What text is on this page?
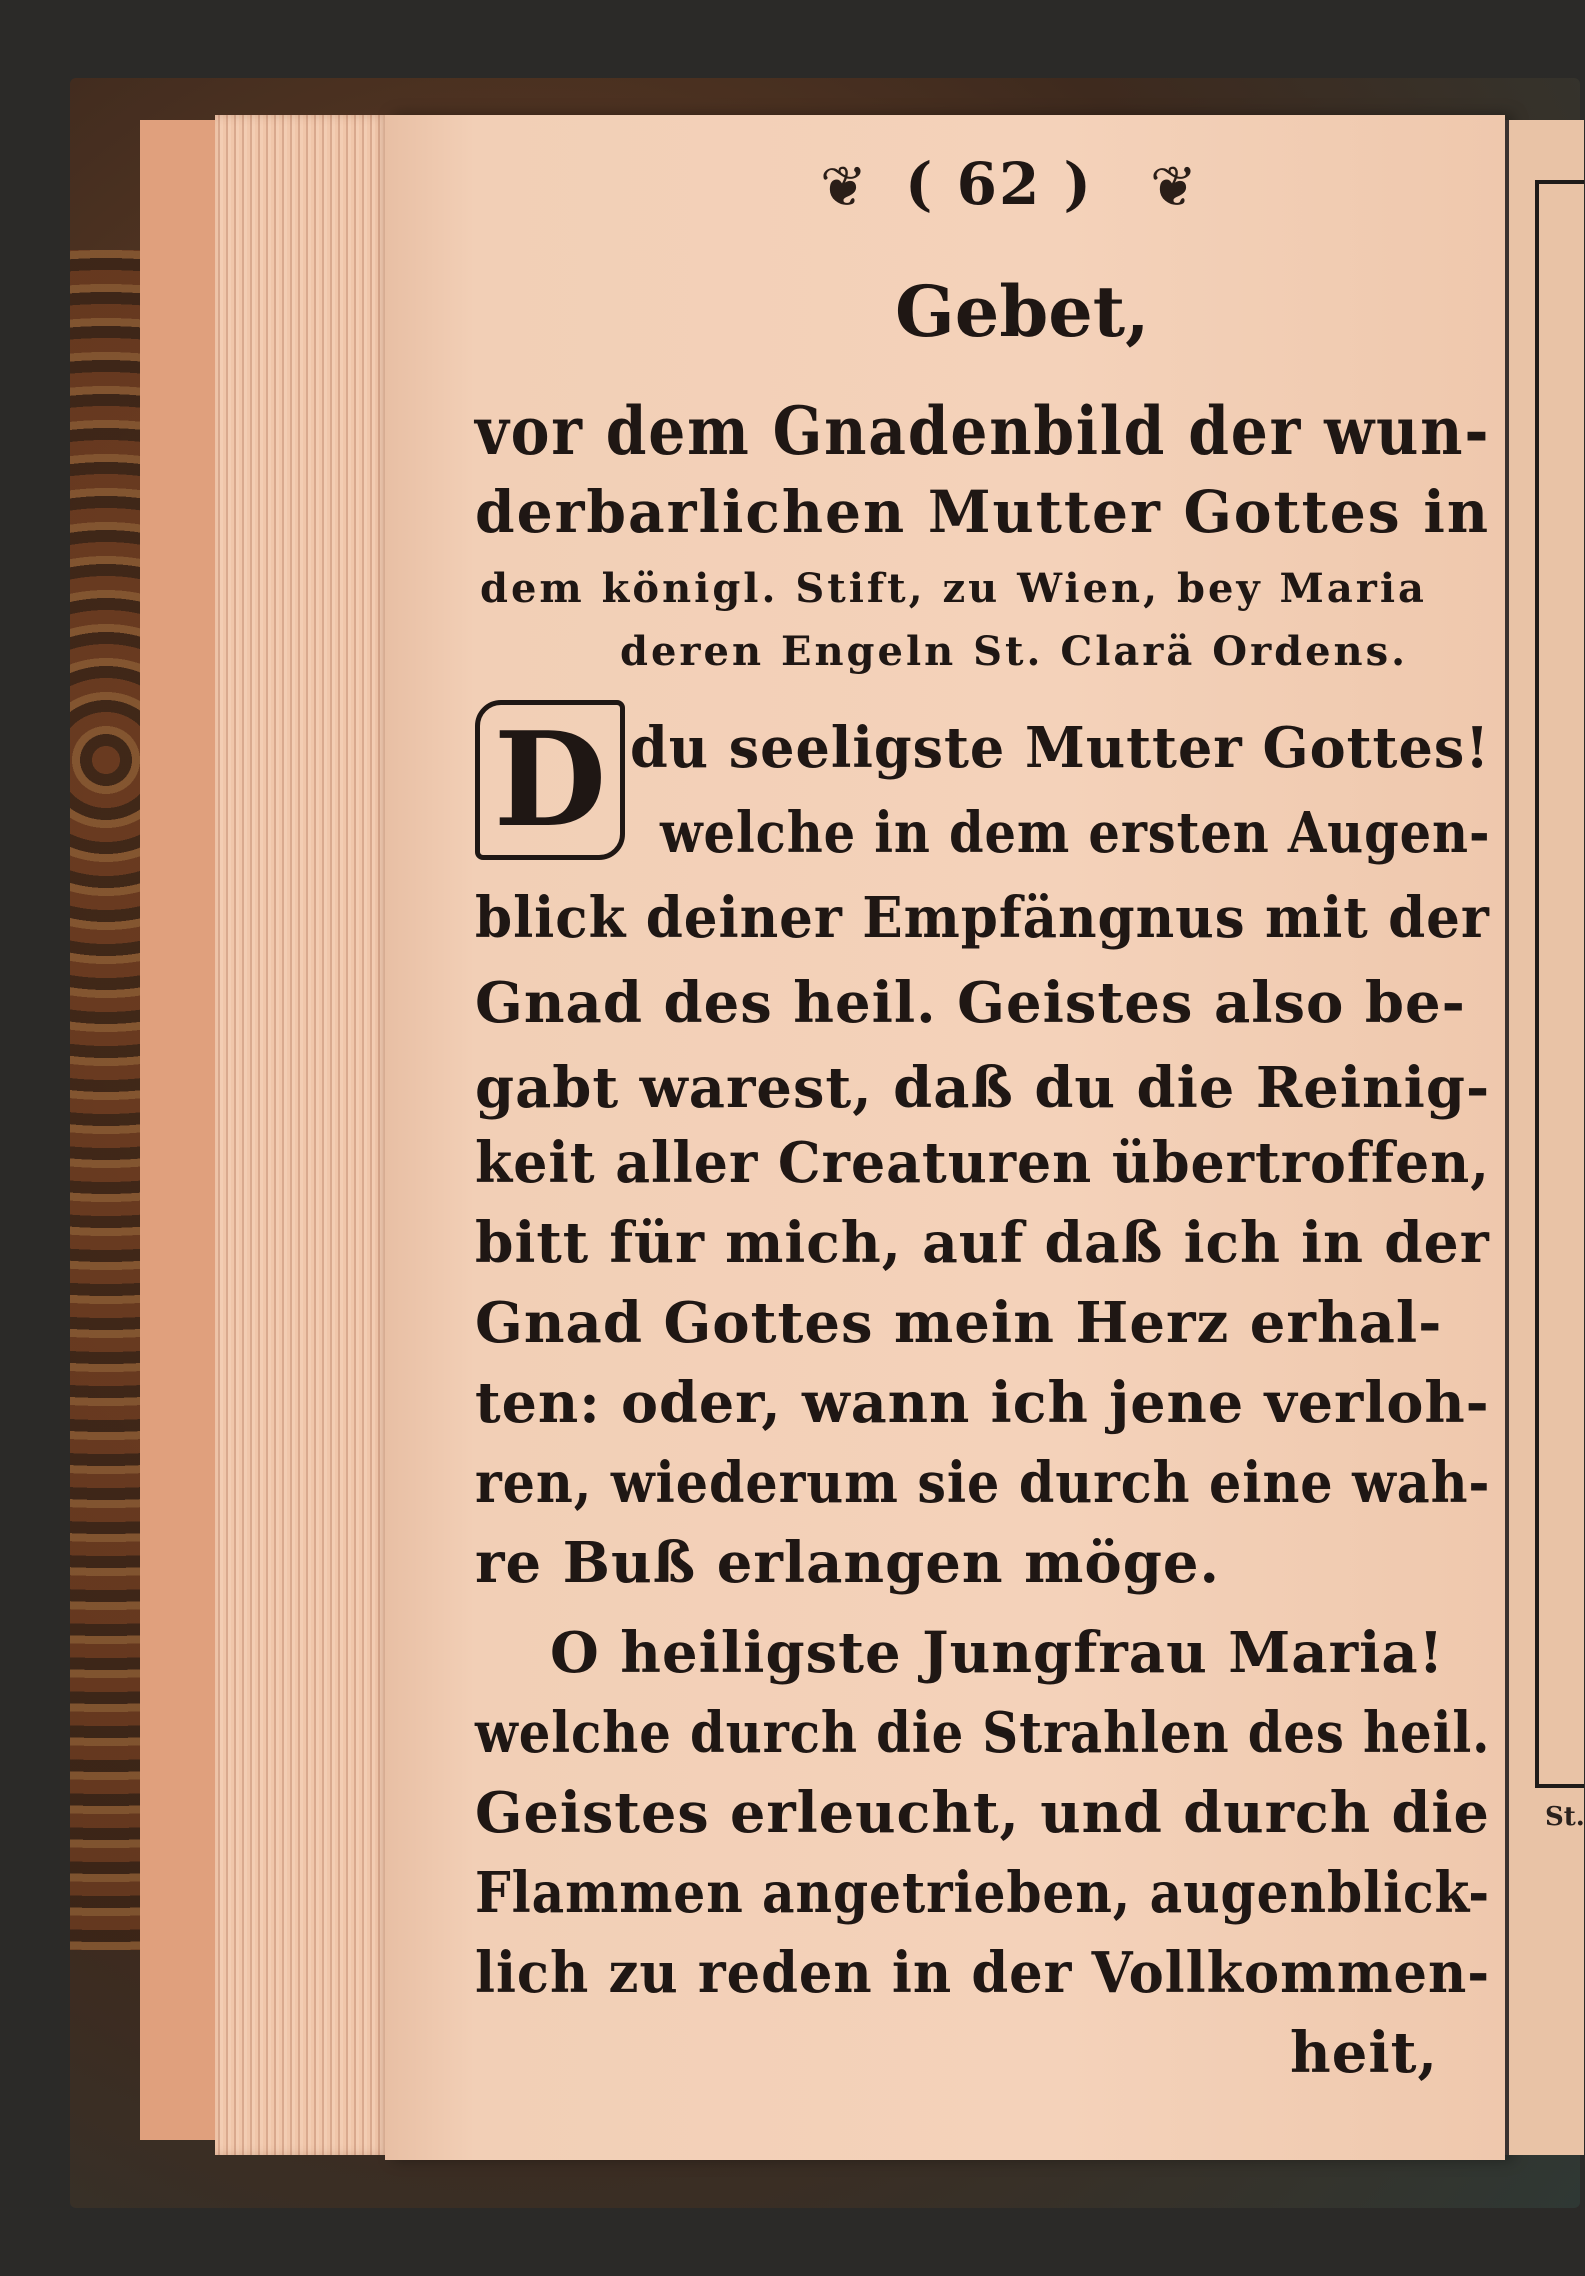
St.
❦ ( 62 ) ❦
Gebet,
vor dem Gnadenbild der wun-
derbarlichen Mutter Gottes in
dem königl. Stift, zu Wien, bey Maria
deren Engeln St. Clarä Ordens.
D du seeligste Mutter Gottes!
welche in dem ersten Augen-
blick deiner Empfängnus mit der
Gnad des heil. Geistes also be-
gabt warest, daß du die Reinig-
keit aller Creaturen übertroffen,
bitt für mich, auf daß ich in der
Gnad Gottes mein Herz erhal-
ten: oder, wann ich jene verloh-
ren, wiederum sie durch eine wah-
re Buß erlangen möge.
O heiligste Jungfrau Maria!
welche durch die Strahlen des heil.
Geistes erleucht, und durch die
Flammen angetrieben, augenblick-
lich zu reden in der Vollkommen-
heit,
